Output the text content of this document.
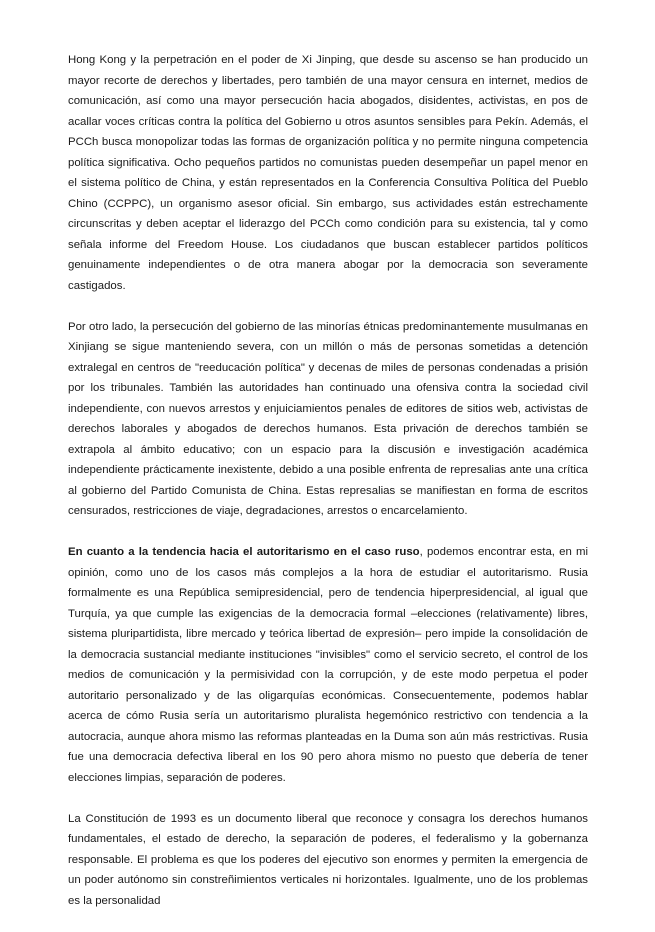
Hong Kong y la perpetración en el poder de Xi Jinping, que desde su ascenso se han producido un mayor recorte de derechos y libertades, pero también de una mayor censura en internet, medios de comunicación, así como una mayor persecución hacia abogados, disidentes, activistas, en pos de acallar voces críticas contra la política del Gobierno u otros asuntos sensibles para Pekín. Además, el PCCh busca monopolizar todas las formas de organización política y no permite ninguna competencia política significativa. Ocho pequeños partidos no comunistas pueden desempeñar un papel menor en el sistema político de China, y están representados en la Conferencia Consultiva Política del Pueblo Chino (CCPPC), un organismo asesor oficial. Sin embargo, sus actividades están estrechamente circunscritas y deben aceptar el liderazgo del PCCh como condición para su existencia, tal y como señala informe del Freedom House. Los ciudadanos que buscan establecer partidos políticos genuinamente independientes o de otra manera abogar por la democracia son severamente castigados.

Por otro lado, la persecución del gobierno de las minorías étnicas predominantemente musulmanas en Xinjiang se sigue manteniendo severa, con un millón o más de personas sometidas a detención extralegal en centros de "reeducación política" y decenas de miles de personas condenadas a prisión por los tribunales. También las autoridades han continuado una ofensiva contra la sociedad civil independiente, con nuevos arrestos y enjuiciamientos penales de editores de sitios web, activistas de derechos laborales y abogados de derechos humanos. Esta privación de derechos también se extrapola al ámbito educativo; con un espacio para la discusión e investigación académica independiente prácticamente inexistente, debido a una posible enfrenta de represalias ante una crítica al gobierno del Partido Comunista de China. Estas represalias se manifiestan en forma de escritos censurados, restricciones de viaje, degradaciones, arrestos o encarcelamiento.

En cuanto a la tendencia hacia el autoritarismo en el caso ruso, podemos encontrar esta, en mi opinión, como uno de los casos más complejos a la hora de estudiar el autoritarismo. Rusia formalmente es una República semipresidencial, pero de tendencia hiperpresidencial, al igual que Turquía, ya que cumple las exigencias de la democracia formal –elecciones (relativamente) libres, sistema pluripartidista, libre mercado y teórica libertad de expresión– pero impide la consolidación de la democracia sustancial mediante instituciones "invisibles" como el servicio secreto, el control de los medios de comunicación y la permisividad con la corrupción, y de este modo perpetua el poder autoritario personalizado y de las oligarquías económicas. Consecuentemente, podemos hablar acerca de cómo Rusia sería un autoritarismo pluralista hegemónico restrictivo con tendencia a la autocracia, aunque ahora mismo las reformas planteadas en la Duma son aún más restrictivas. Rusia fue una democracia defectiva liberal en los 90 pero ahora mismo no puesto que debería de tener elecciones limpias, separación de poderes.

La Constitución de 1993 es un documento liberal que reconoce y consagra los derechos humanos fundamentales, el estado de derecho, la separación de poderes, el federalismo y la gobernanza responsable. El problema es que los poderes del ejecutivo son enormes y permiten la emergencia de un poder autónomo sin constreñimientos verticales ni horizontales. Igualmente, uno de los problemas es la personalidad
